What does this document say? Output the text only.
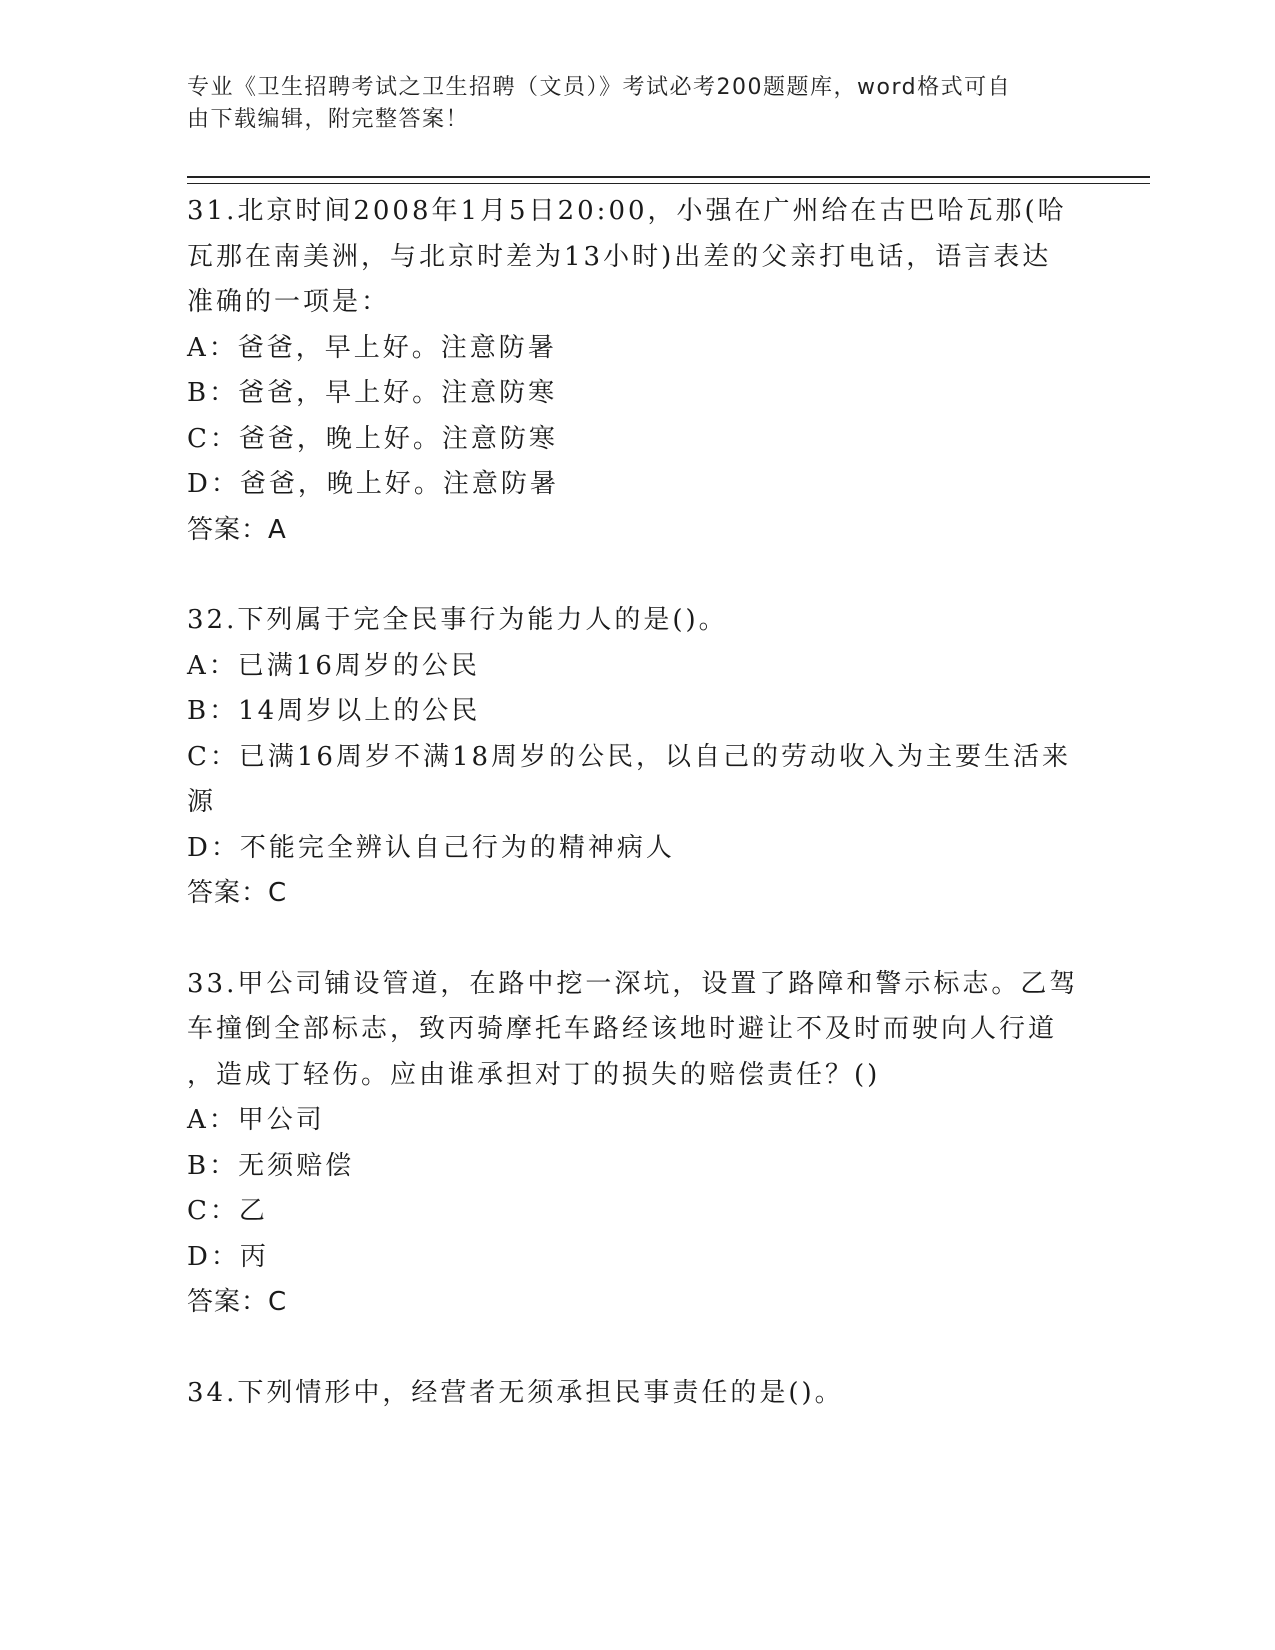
专业《卫生招聘考试之卫生招聘（文员）》考试必考200题题库，word格式可自
由下载编辑，附完整答案！
31.北京时间2008年1月5日20:00，小强在广州给在古巴哈瓦那(哈
瓦那在南美洲，与北京时差为13小时)出差的父亲打电话，语言表达
准确的一项是：
A：爸爸，早上好。注意防暑
B：爸爸，早上好。注意防寒
C：爸爸，晚上好。注意防寒
D：爸爸，晚上好。注意防暑
答案：A
32.下列属于完全民事行为能力人的是()。
A：已满16周岁的公民
B：14周岁以上的公民
C：已满16周岁不满18周岁的公民，以自己的劳动收入为主要生活来
源
D：不能完全辨认自己行为的精神病人
答案：C
33.甲公司铺设管道，在路中挖一深坑，设置了路障和警示标志。乙驾
车撞倒全部标志，致丙骑摩托车路经该地时避让不及时而驶向人行道
，造成丁轻伤。应由谁承担对丁的损失的赔偿责任？()
A：甲公司
B：无须赔偿
C：乙
D：丙
答案：C
34.下列情形中，经营者无须承担民事责任的是()。
